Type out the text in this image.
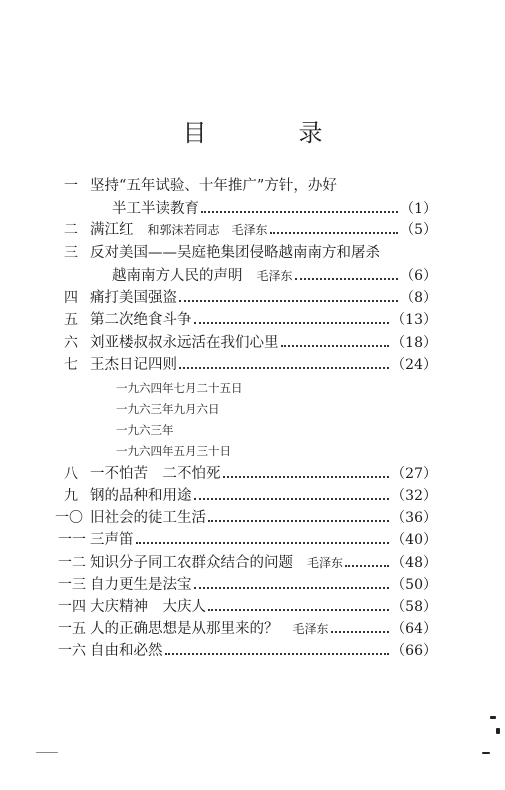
目　录
一 坚持“五年试验、十年推广”方针，办好
半工半读教育	（1）
二 满江红 和郭沫若同志　毛泽东	（5）
三 反对美国——吴庭艳集团侵略越南南方和屠杀
越南南方人民的声明 毛泽东	（6）
四 痛打美国强盗	（8）
五 第二次绝食斗争	（13）
六 刘亚楼叔叔永远活在我们心里	（18）
七 王杰日记四则	（24）
一九六四年七月二十五日
一九六三年九月六日
一九六三年
一九六四年五月三十日
八 一不怕苦　二不怕死	（27）
九 钢的品种和用途	（32）
一〇 旧社会的徒工生活	（36）
一一 三声笛	（40）
一二 知识分子同工农群众结合的问题 毛泽东	（48）
一三 自力更生是法宝	（50）
一四 大庆精神　大庆人	（58）
一五 人的正确思想是从那里来的？ 毛泽东	（64）
一六 自由和必然	（66）
